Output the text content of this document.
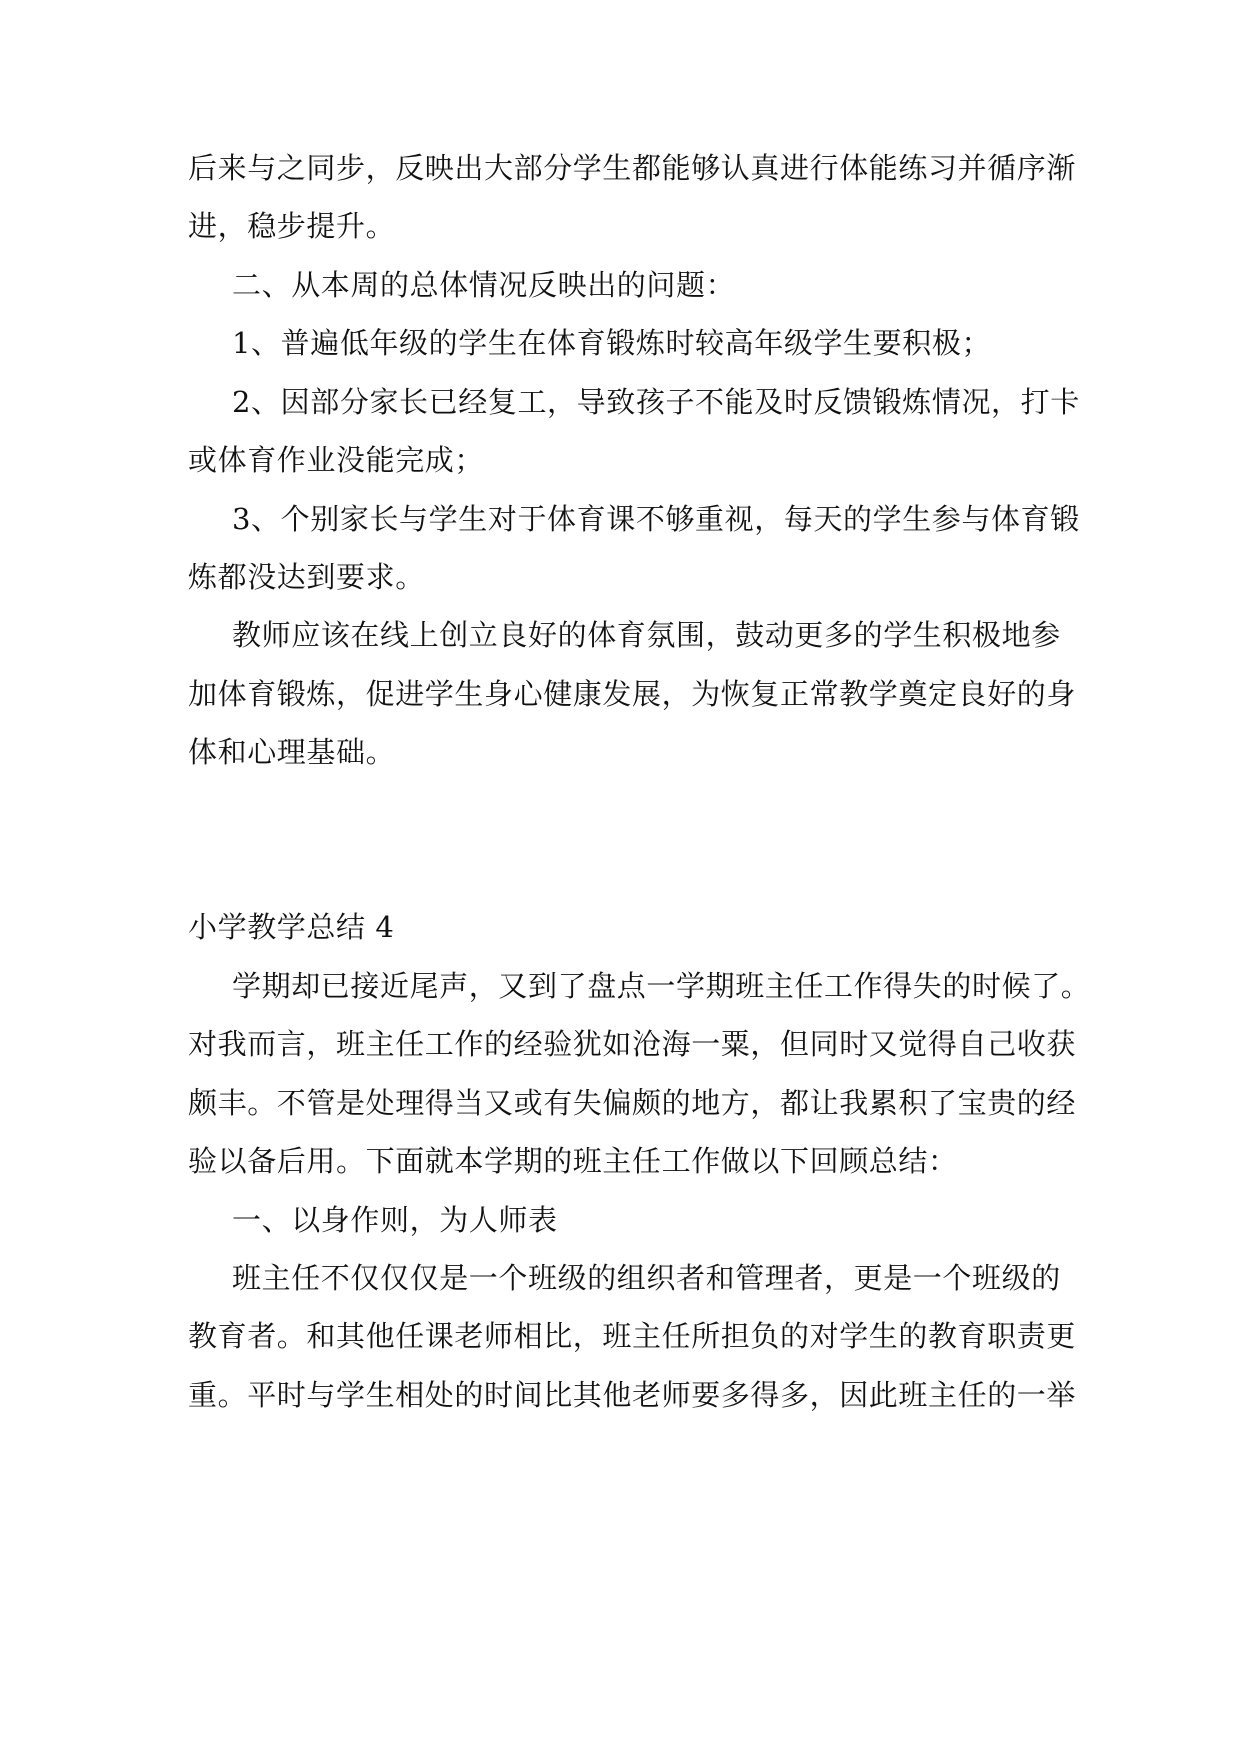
后来与之同步，反映出大部分学生都能够认真进行体能练习并循序渐
进，稳步提升。
二、从本周的总体情况反映出的问题：
1、普遍低年级的学生在体育锻炼时较高年级学生要积极；
2、因部分家长已经复工，导致孩子不能及时反馈锻炼情况，打卡
或体育作业没能完成；
3、个别家长与学生对于体育课不够重视，每天的学生参与体育锻
炼都没达到要求。
教师应该在线上创立良好的体育氛围，鼓动更多的学生积极地参
加体育锻炼，促进学生身心健康发展，为恢复正常教学奠定良好的身
体和心理基础。
小学教学总结 4
学期却已接近尾声，又到了盘点一学期班主任工作得失的时候了。
对我而言，班主任工作的经验犹如沧海一粟，但同时又觉得自己收获
颇丰。不管是处理得当又或有失偏颇的地方，都让我累积了宝贵的经
验以备后用。下面就本学期的班主任工作做以下回顾总结：
一、以身作则，为人师表
班主任不仅仅仅是一个班级的组织者和管理者，更是一个班级的
教育者。和其他任课老师相比，班主任所担负的对学生的教育职责更
重。平时与学生相处的时间比其他老师要多得多，因此班主任的一举
